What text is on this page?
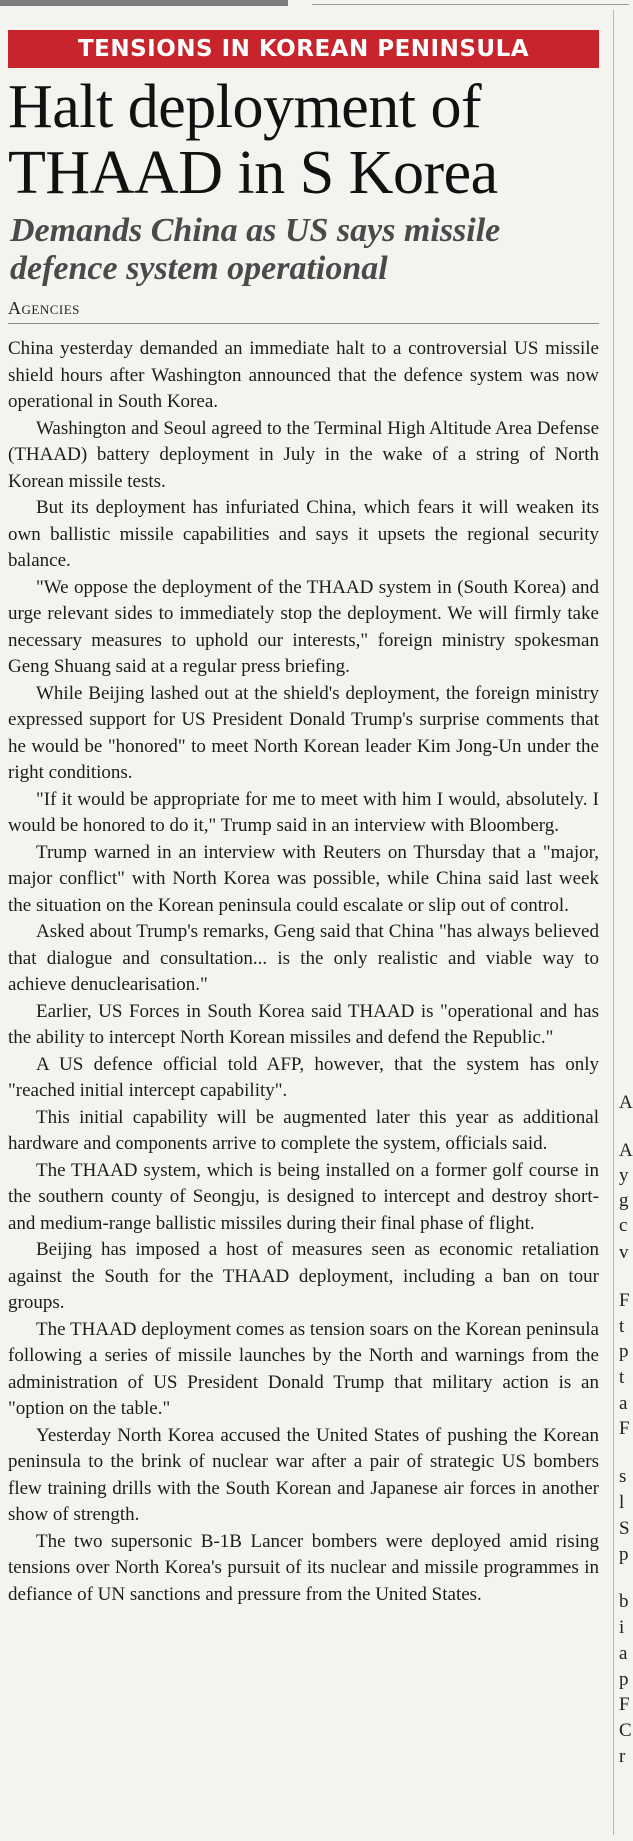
TENSIONS IN KOREAN PENINSULA
Halt deployment of THAAD in S Korea
Demands China as US says missile defence system operational
Agencies

China yesterday demanded an immediate halt to a controversial US missile shield hours after Washington announced that the defence system was now operational in South Korea.

Washington and Seoul agreed to the Terminal High Altitude Area Defense (THAAD) battery deployment in July in the wake of a string of North Korean missile tests.

But its deployment has infuriated China, which fears it will weaken its own ballistic missile capabilities and says it upsets the regional security balance.

"We oppose the deployment of the THAAD system in (South Korea) and urge relevant sides to immediately stop the deployment. We will firmly take necessary measures to uphold our interests," foreign ministry spokesman Geng Shuang said at a regular press briefing.

While Beijing lashed out at the shield's deployment, the foreign ministry expressed support for US President Donald Trump's surprise comments that he would be "honored" to meet North Korean leader Kim Jong-Un under the right conditions.

"If it would be appropriate for me to meet with him I would, absolutely. I would be honored to do it," Trump said in an interview with Bloomberg.

Trump warned in an interview with Reuters on Thursday that a "major, major conflict" with North Korea was possible, while China said last week the situation on the Korean peninsula could escalate or slip out of control.

Asked about Trump's remarks, Geng said that China "has always believed that dialogue and consultation... is the only realistic and viable way to achieve denuclearisation."

Earlier, US Forces in South Korea said THAAD is "operational and has the ability to intercept North Korean missiles and defend the Republic."

A US defence official told AFP, however, that the system has only "reached initial intercept capability".

This initial capability will be augmented later this year as additional hardware and components arrive to complete the system, officials said.

The THAAD system, which is being installed on a former golf course in the southern county of Seongju, is designed to intercept and destroy short- and medium-range ballistic missiles during their final phase of flight.

Beijing has imposed a host of measures seen as economic retaliation against the South for the THAAD deployment, including a ban on tour groups.

The THAAD deployment comes as tension soars on the Korean peninsula following a series of missile launches by the North and warnings from the administration of US President Donald Trump that military action is an "option on the table."

Yesterday North Korea accused the United States of pushing the Korean peninsula to the brink of nuclear war after a pair of strategic US bombers flew training drills with the South Korean and Japanese air forces in another show of strength.

The two supersonic B-1B Lancer bombers were deployed amid rising tensions over North Korea's pursuit of its nuclear and missile programmes in defiance of UN sanctions and pressure from the United States.

A
A
y
g
c
v
F
t
p
t
a
F
s
l
S
p
b
i
a
p
F
C
r
